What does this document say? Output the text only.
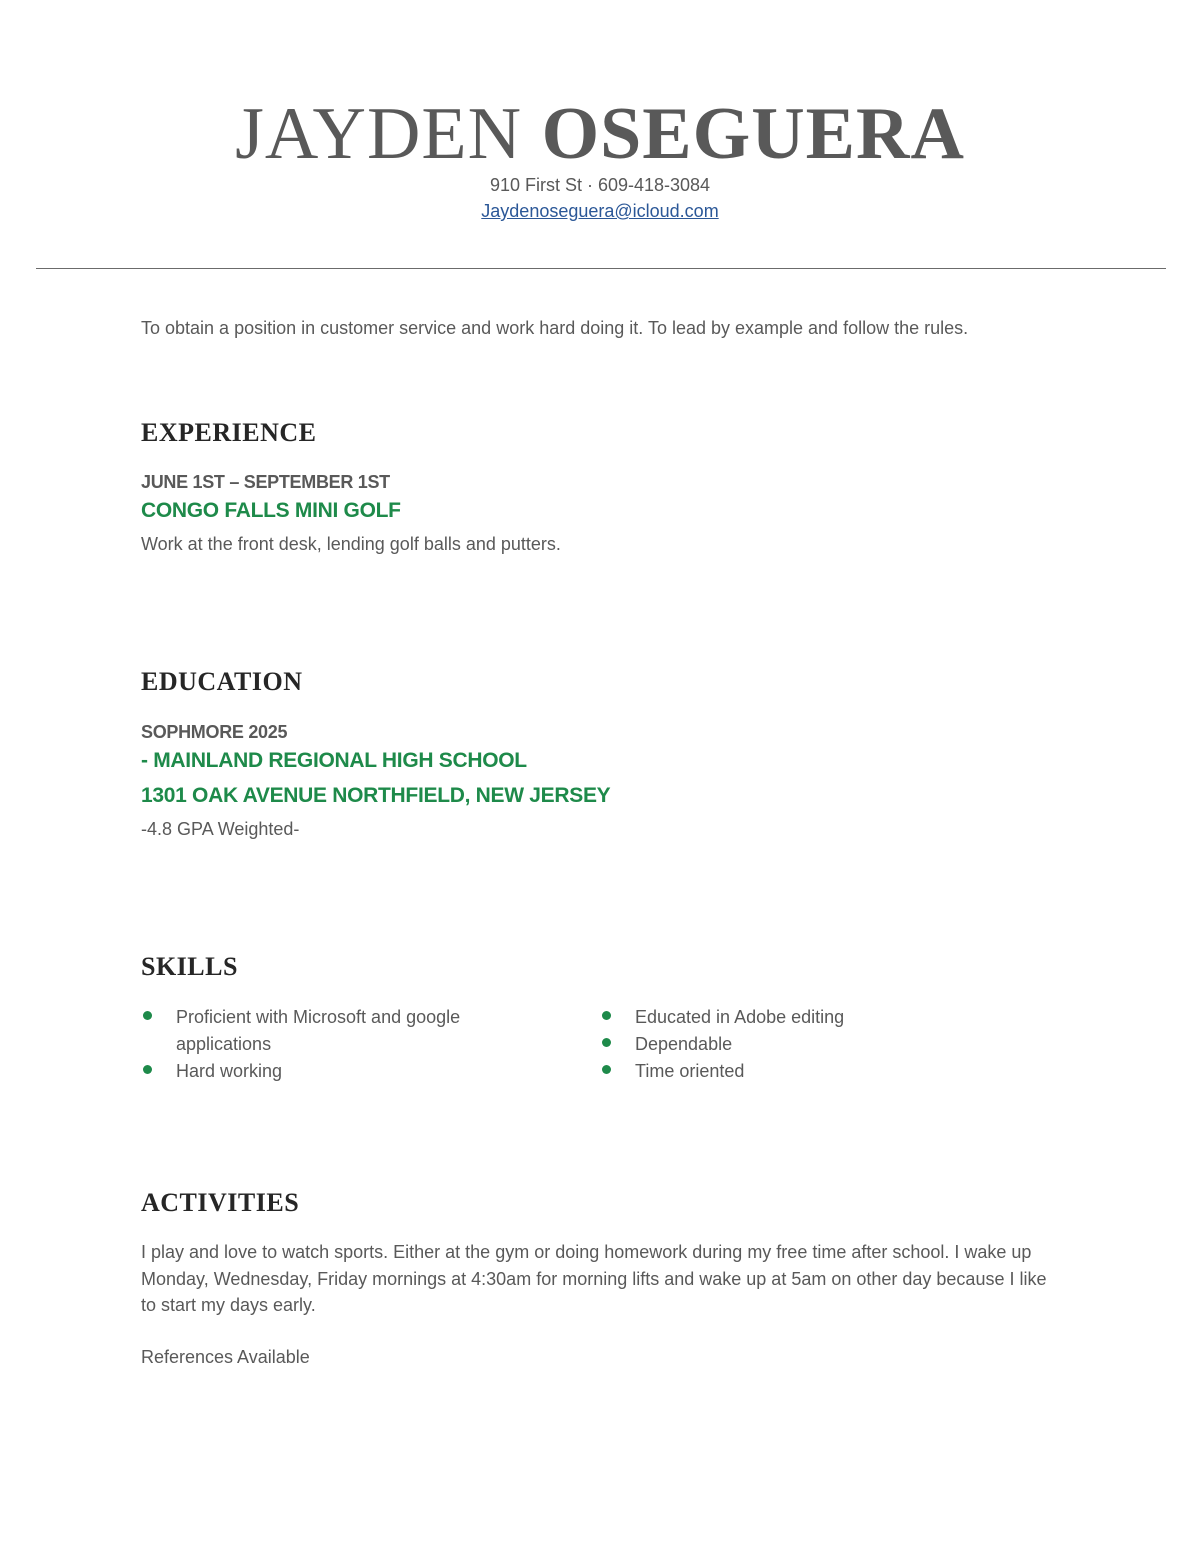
JAYDEN OSEGUERA
910 First St · 609-418-3084
Jaydenoseguera@icloud.com
To obtain a position in customer service and work hard doing it. To lead by example and follow the rules.
EXPERIENCE
JUNE 1ST – SEPTEMBER 1ST
CONGO FALLS MINI GOLF
Work at the front desk, lending golf balls and putters.
EDUCATION
SOPHMORE 2025
- MAINLAND REGIONAL HIGH SCHOOL
1301 OAK AVENUE NORTHFIELD, NEW JERSEY
-4.8 GPA Weighted-
SKILLS
Proficient with Microsoft and google applications
Hard working
Educated in Adobe editing
Dependable
Time oriented
ACTIVITIES
I play and love to watch sports. Either at the gym or doing homework during my free time after school. I wake up Monday, Wednesday, Friday mornings at 4:30am for morning lifts and wake up at 5am on other day because I like to start my days early.
References Available
